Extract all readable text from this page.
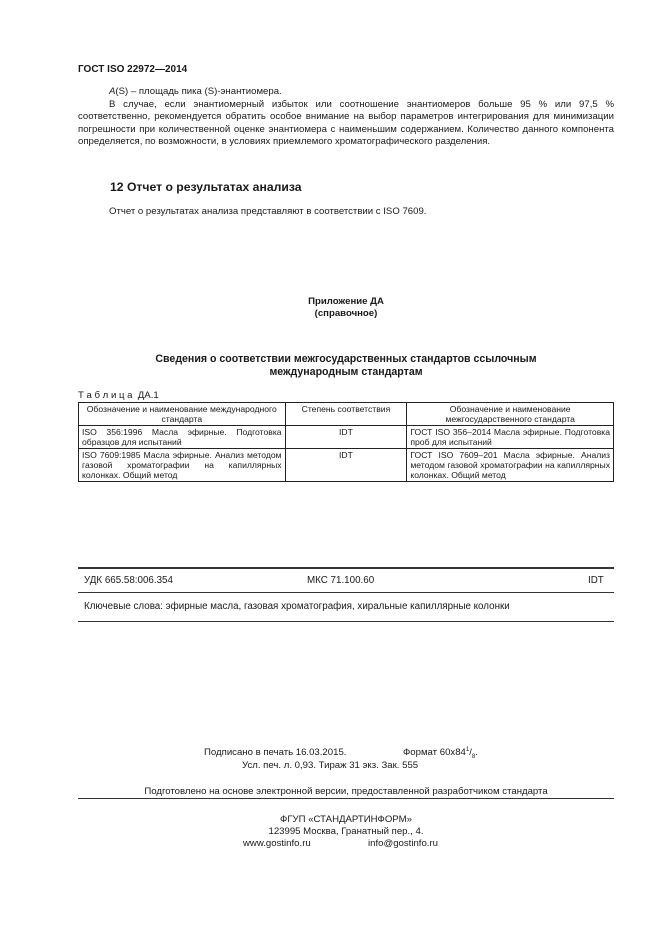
ГОСТ ISO 22972—2014

A(S) – площадь пика (S)-энантиомера.

В случае, если энантиомерный избыток или соотношение энантиомеров больше 95 % или 97,5 % соответственно, рекомендуется обратить особое внимание на выбор параметров интегрирования для минимизации погрешности при количественной оценке энантиомера с наименьшим содержанием. Количество данного компонента определяется, по возможности, в условиях приемлемого хроматографического разделения.

12 Отчет о результатах анализа

Отчет о результатах анализа представляют в соответствии с ISO 7609.

Приложение ДА
(справочное)
Сведения о соответствии межгосударственных стандартов ссылочным
международным стандартам
Т а б л и ц а  ДА.1
Обозначение и наименование международного стандарта	Степень соответствия	Обозначение и наименование межгосударственного стандарта
ISO 356:1996 Масла эфирные. Подготовка образцов для испытаний	IDT	ГОСТ ISO 356–2014 Масла эфирные. Подготовка проб для испытаний
ISO 7609:1985 Масла эфирные. Анализ методом газовой хроматографии на капиллярных колонках. Общий метод	IDT	ГОСТ ISO 7609–201 Масла эфирные. Анализ методом газовой хроматографии на капиллярных колонках. Общий метод
УДК 665.58:006.354	МКС 71.100.60	IDT
Ключевые слова: эфирные масла, газовая хроматография, хиральные капиллярные колонки
Подписано в печать 16.03.2015.	Формат $60х84^1/_8$.
Усл. печ. л. 0,93. Тираж 31 экз. Зак. 555
Подготовлено на основе электронной версии, предоставленной разработчиком стандарта
ФГУП «СТАНДАРТИНФОРМ»
123995 Москва, Гранатный пер., 4.
www.gostinfo.ru	info@gostinfo.ru
